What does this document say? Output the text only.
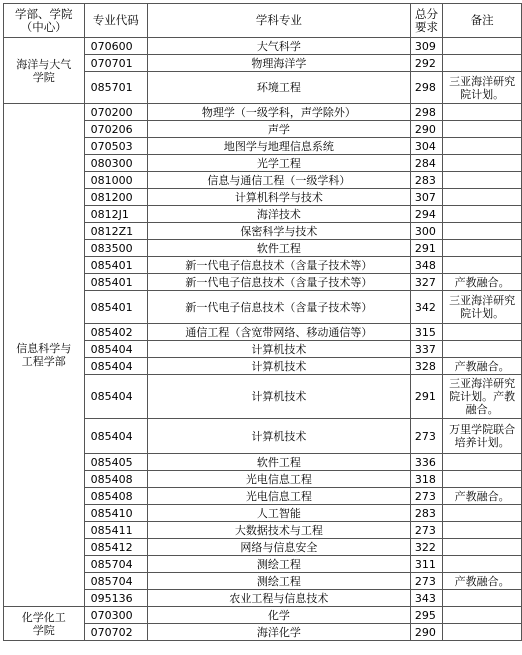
学部、学院
（中心）	专业代码	学科专业	总分
要求	备注
海洋与大气
学院	070600	大气科学	309	
	070701	物理海洋学	292	
	085701	环境工程	298	三亚海洋研究
院计划。
信息科学与
工程学部	070200	物理学（一级学科，声学除外）	298	
	070206	声学	290	
	070503	地图学与地理信息系统	304	
	080300	光学工程	284	
	081000	信息与通信工程（一级学科）	283	
	081200	计算机科学与技术	307	
	0812J1	海洋技术	294	
	0812Z1	保密科学与技术	300	
	083500	软件工程	291	
	085401	新一代电子信息技术（含量子技术等）	348	
	085401	新一代电子信息技术（含量子技术等）	327	产教融合。
	085401	新一代电子信息技术（含量子技术等）	342	三亚海洋研究
院计划。
	085402	通信工程（含宽带网络、移动通信等）	315	
	085404	计算机技术	337	
	085404	计算机技术	328	产教融合。
	085404	计算机技术	291	三亚海洋研究
院计划。产教
融合。
	085404	计算机技术	273	万里学院联合
培养计划。
	085405	软件工程	336	
	085408	光电信息工程	318	
	085408	光电信息工程	273	产教融合。
	085410	人工智能	283	
	085411	大数据技术与工程	273	
	085412	网络与信息安全	322	
	085704	测绘工程	311	
	085704	测绘工程	273	产教融合。
	095136	农业工程与信息技术	343	
化学化工
学院	070300	化学	295	
	070702	海洋化学	290	
